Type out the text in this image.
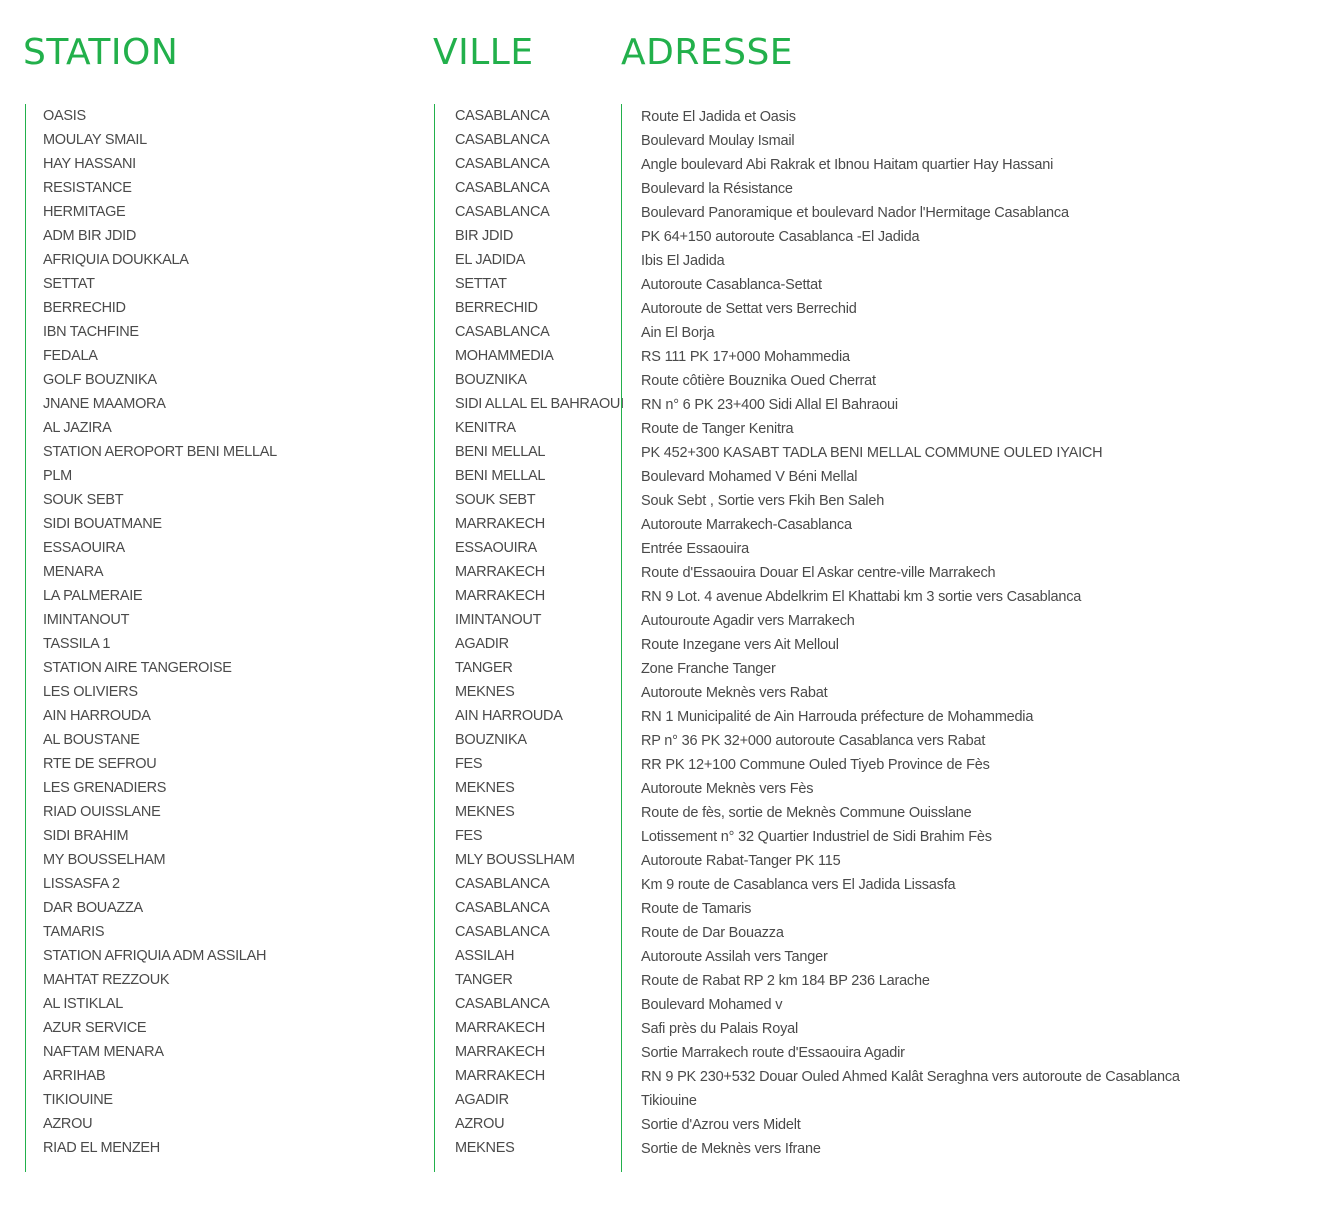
STATION	VILLE ADRESSE
OASIS
MOULAY SMAIL
HAY HASSANI
RESISTANCE
HERMITAGE
ADM BIR JDID
AFRIQUIA DOUKKALA
SETTAT
BERRECHID
IBN TACHFINE
FEDALA
GOLF BOUZNIKA
JNANE MAAMORA
AL JAZIRA
STATION AEROPORT BENI MELLAL
PLM
SOUK SEBT
SIDI BOUATMANE
ESSAOUIRA
MENARA
LA PALMERAIE
IMINTANOUT
TASSILA 1
STATION AIRE TANGEROISE
LES OLIVIERS
AIN HARROUDA
AL BOUSTANE
RTE DE SEFROU
LES GRENADIERS
RIAD OUISSLANE
SIDI BRAHIM
MY BOUSSELHAM
LISSASFA 2
DAR BOUAZZA
TAMARIS
STATION AFRIQUIA ADM ASSILAH
MAHTAT REZZOUK
AL ISTIKLAL
AZUR SERVICE
NAFTAM MENARA
ARRIHAB
TIKIOUINE
AZROU
RIAD EL MENZEH
CASABLANCA
CASABLANCA
CASABLANCA
CASABLANCA
CASABLANCA
BIR JDID
EL JADIDA
SETTAT
BERRECHID
CASABLANCA
MOHAMMEDIA
BOUZNIKA
SIDI ALLAL EL BAHRAOUI
KENITRA
BENI MELLAL
BENI MELLAL
SOUK SEBT
MARRAKECH
ESSAOUIRA
MARRAKECH
MARRAKECH
IMINTANOUT
AGADIR
TANGER
MEKNES
AIN HARROUDA
BOUZNIKA
FES
MEKNES
MEKNES
FES
MLY BOUSSLHAM
CASABLANCA
CASABLANCA
CASABLANCA
ASSILAH
TANGER
CASABLANCA
MARRAKECH
MARRAKECH
MARRAKECH
AGADIR
AZROU
MEKNES
Route El Jadida et Oasis
Boulevard Moulay Ismail
Angle boulevard Abi Rakrak et Ibnou Haitam quartier Hay Hassani
Boulevard la Résistance
Boulevard Panoramique et boulevard Nador l'Hermitage Casablanca
PK 64+150 autoroute Casablanca -El Jadida
Ibis El Jadida
Autoroute Casablanca-Settat
Autoroute de Settat vers Berrechid
Ain El Borja
RS 111 PK 17+000 Mohammedia
Route côtière Bouznika Oued Cherrat
RN n° 6 PK 23+400 Sidi Allal El Bahraoui
Route de Tanger Kenitra
PK 452+300 KASABT TADLA BENI MELLAL COMMUNE OULED IYAICH
Boulevard Mohamed V Béni Mellal
Souk Sebt , Sortie vers Fkih Ben Saleh
Autoroute Marrakech-Casablanca
Entrée Essaouira
Route d'Essaouira Douar El Askar centre-ville Marrakech
RN 9 Lot. 4 avenue Abdelkrim El Khattabi km 3 sortie vers Casablanca
Autouroute Agadir vers Marrakech
Route Inzegane vers Ait Melloul
Zone Franche Tanger
Autoroute Meknès vers Rabat
RN 1 Municipalité de Ain Harrouda préfecture de Mohammedia
RP n° 36 PK 32+000 autoroute Casablanca vers Rabat
RR PK 12+100 Commune Ouled Tiyeb Province de Fès
Autoroute Meknès vers Fès
Route de fès, sortie de Meknès Commune Ouisslane
Lotissement n° 32 Quartier Industriel de Sidi Brahim Fès
Autoroute Rabat-Tanger PK 115
Km 9 route de Casablanca vers El Jadida Lissasfa
Route de Tamaris
Route de Dar Bouazza
Autoroute Assilah vers Tanger
Route de Rabat RP 2 km 184 BP 236 Larache
Boulevard Mohamed v
Safi près du Palais Royal
Sortie Marrakech route d'Essaouira Agadir
RN 9 PK 230+532 Douar Ouled Ahmed Kalât Seraghna vers autoroute de Casablanca
Tikiouine
Sortie d'Azrou vers Midelt
Sortie de Meknès vers Ifrane
